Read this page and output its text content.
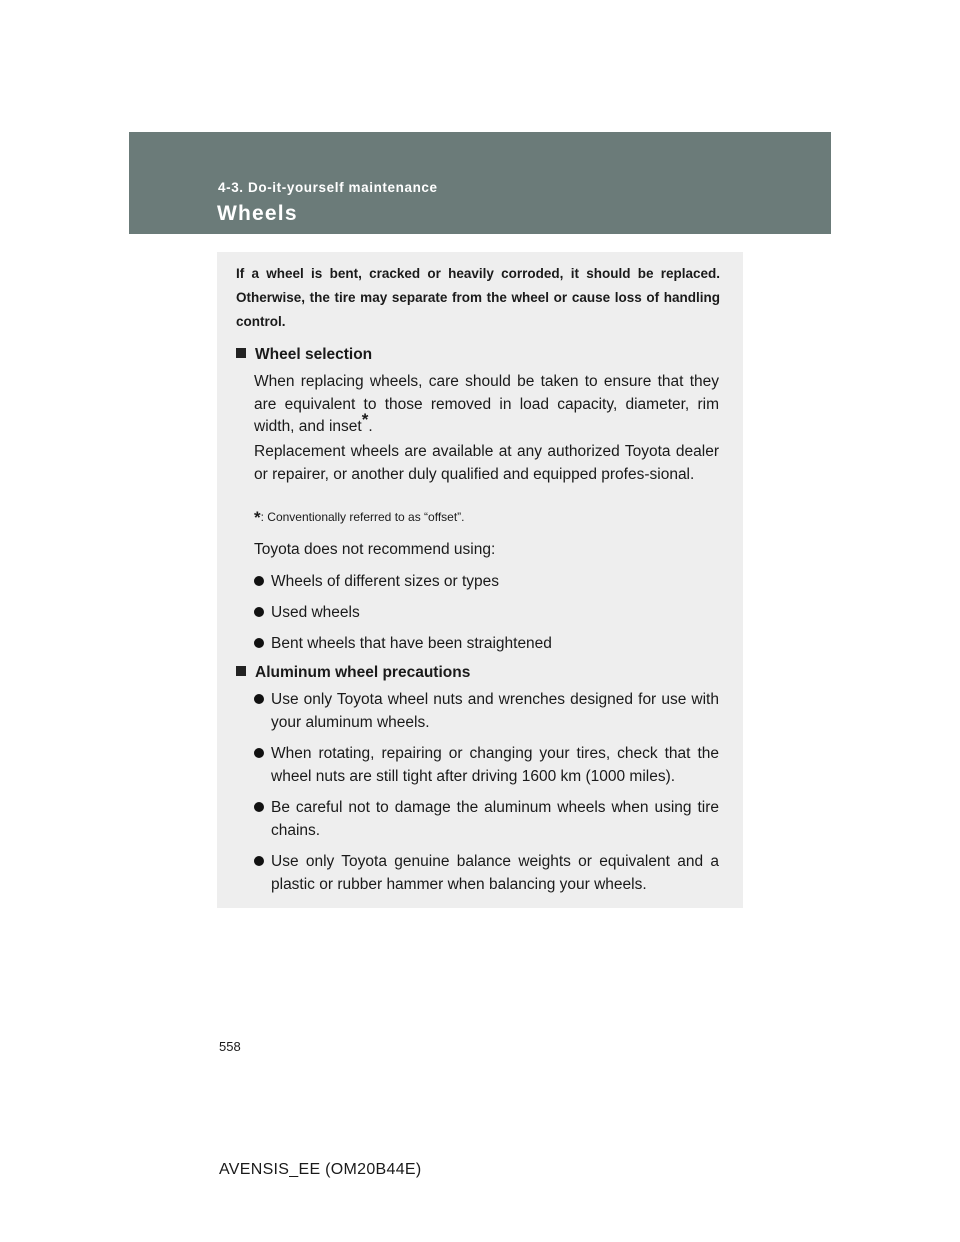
4-3. Do-it-yourself maintenance
Wheels
If a wheel is bent, cracked or heavily corroded, it should be replaced. Otherwise, the tire may separate from the wheel or cause loss of handling control.
Wheel selection
When replacing wheels, care should be taken to ensure that they are equivalent to those removed in load capacity, diameter, rim width, and inset*.
Replacement wheels are available at any authorized Toyota dealer or repairer, or another duly qualified and equipped profes-sional.
*: Conventionally referred to as “offset”.
Toyota does not recommend using:
Wheels of different sizes or types
Used wheels
Bent wheels that have been straightened
Aluminum wheel precautions
Use only Toyota wheel nuts and wrenches designed for use with your aluminum wheels.
When rotating, repairing or changing your tires, check that the wheel nuts are still tight after driving 1600 km (1000 miles).
Be careful not to damage the aluminum wheels when using tire chains.
Use only Toyota genuine balance weights or equivalent and a plastic or rubber hammer when balancing your wheels.
558
AVENSIS_EE (OM20B44E)
